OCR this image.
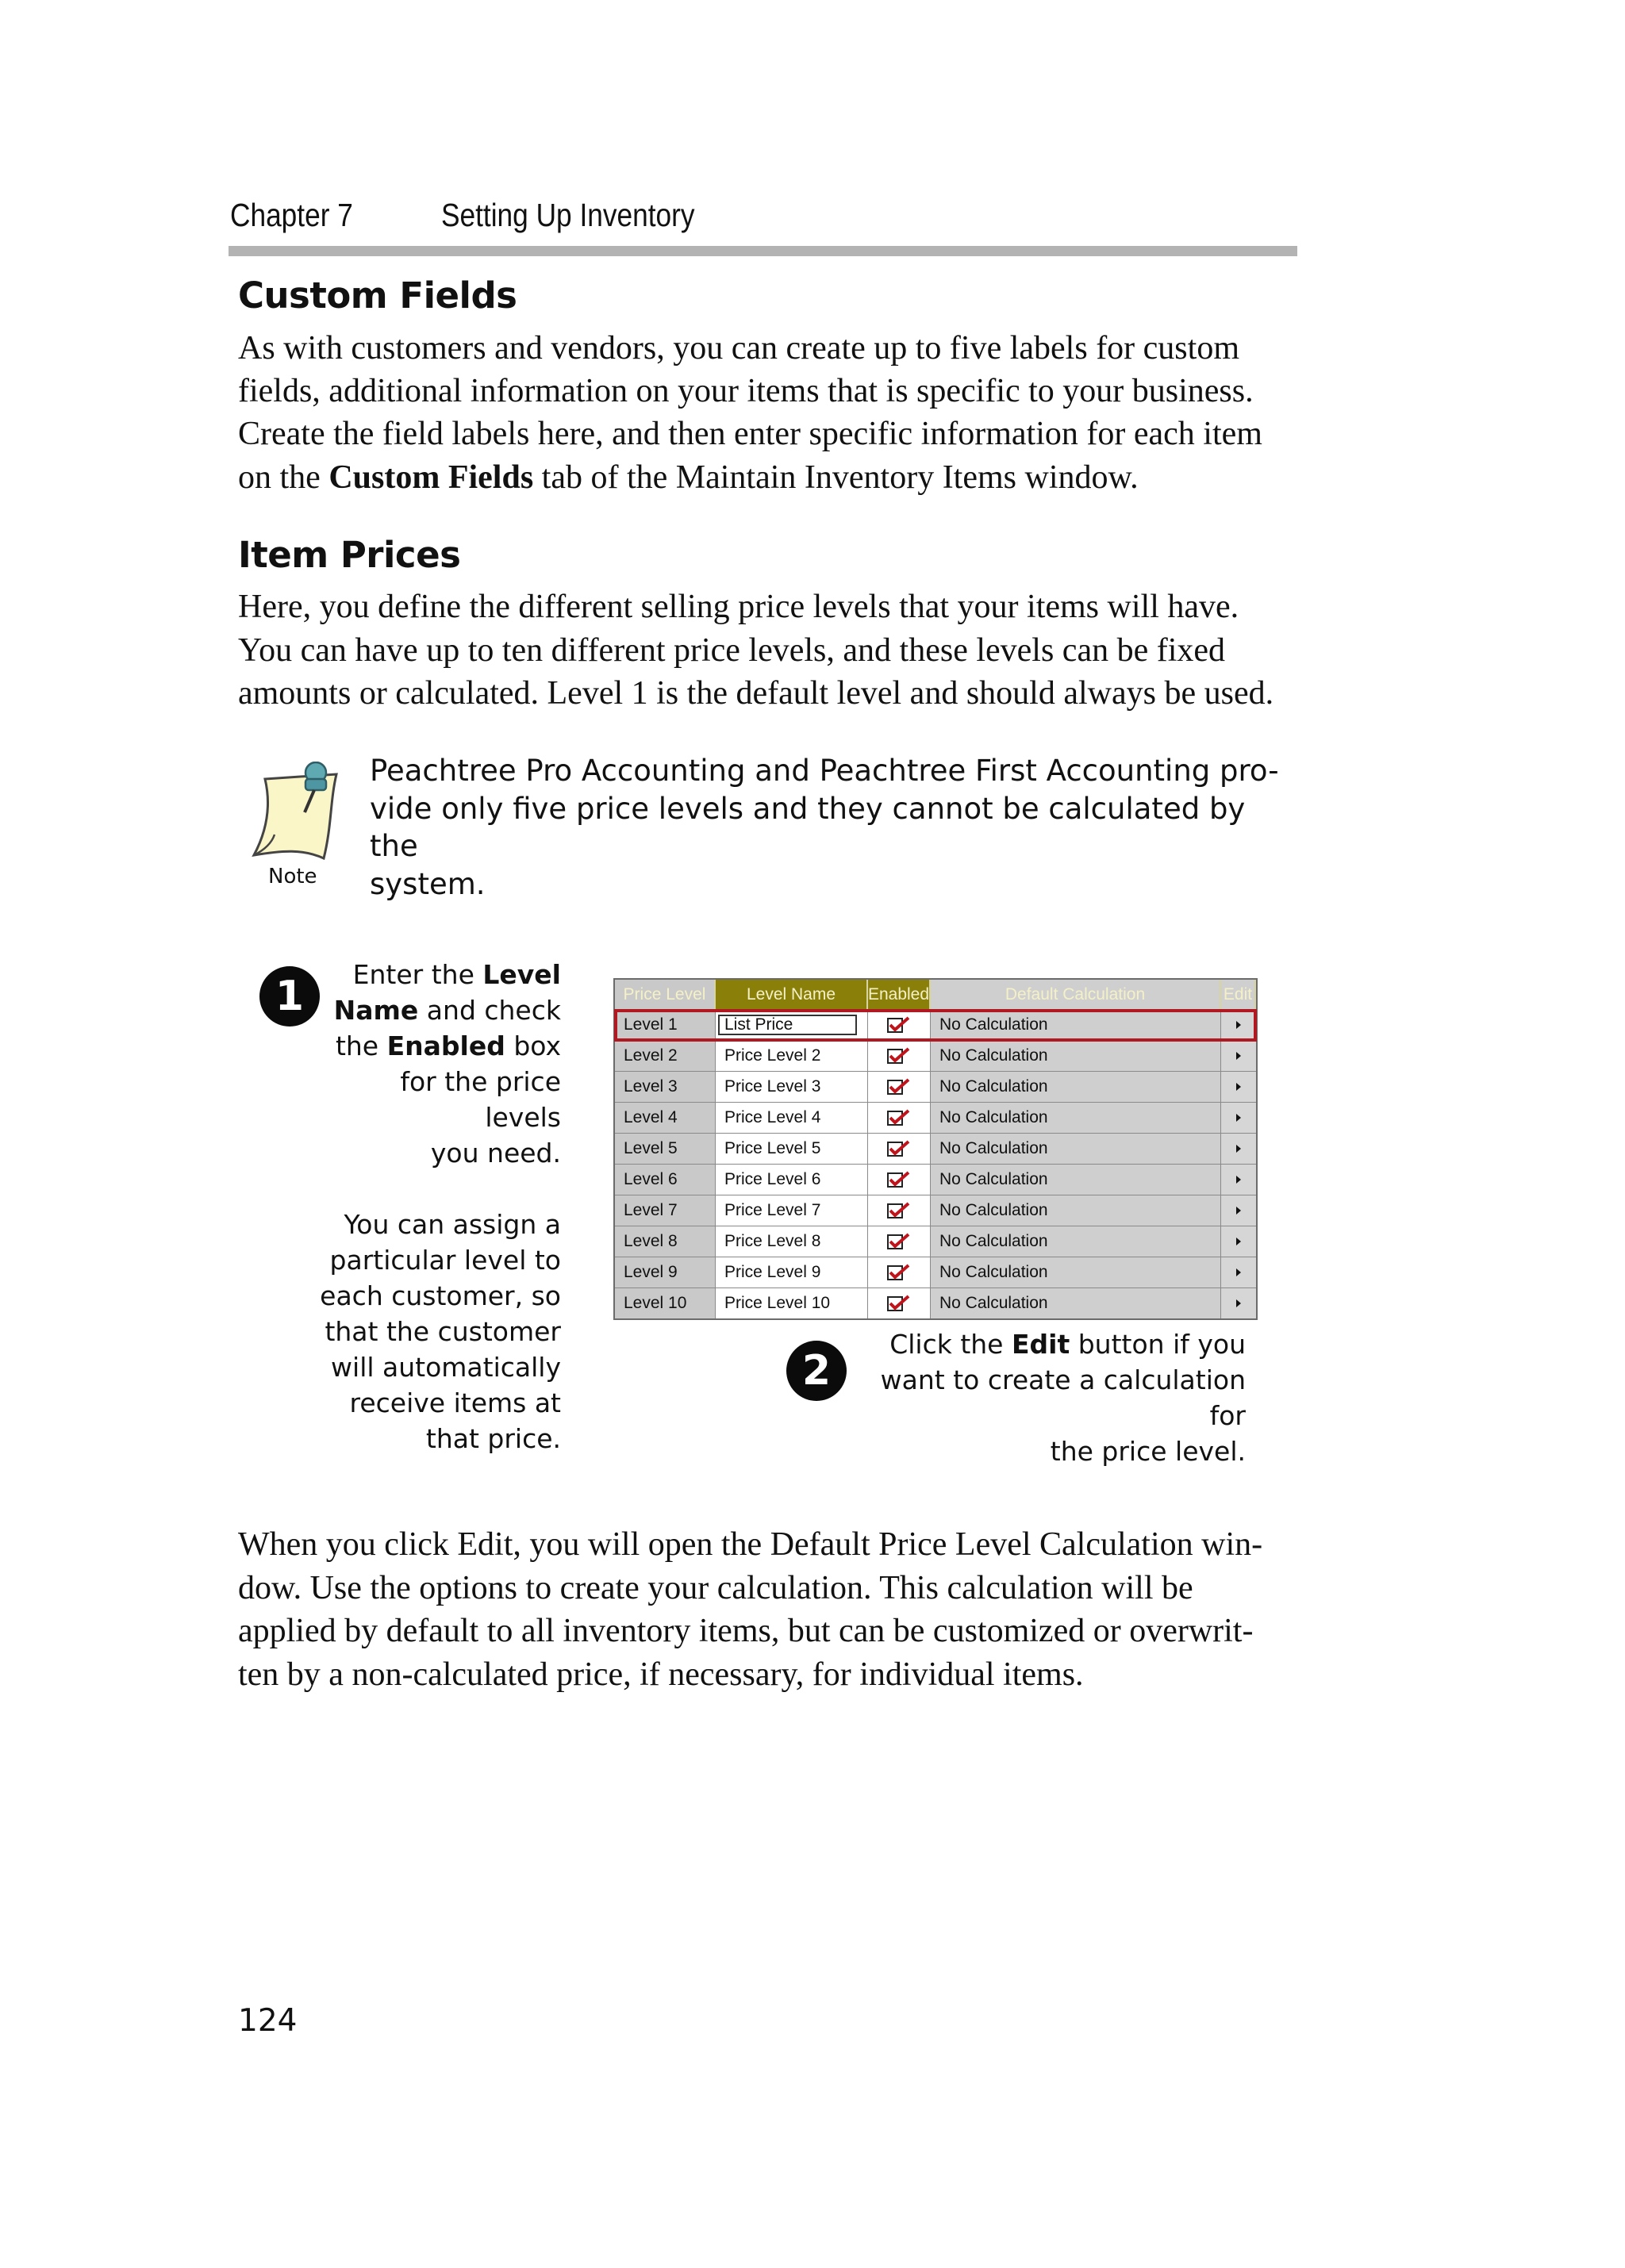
Chapter 7	Setting Up Inventory
Custom Fields
As with customers and vendors, you can create up to five labels for custom
fields, additional information on your items that is specific to your business.
Create the field labels here, and then enter specific information for each item
on the Custom Fields tab of the Maintain Inventory Items window.
Item Prices
Here, you define the different selling price levels that your items will have.
You can have up to ten different price levels, and these levels can be fixed
amounts or calculated. Level 1 is the default level and should always be used.
Note
Peachtree Pro Accounting and Peachtree First Accounting pro-
vide only five price levels and they cannot be calculated by the
system.
1	Enter the Level
Name and check
the Enabled box
for the price levels
you need.
You can assign a
particular level to
each customer, so
that the customer
will automatically
receive items at
that price.
Price Level	Level Name	Enabled	Default Calculation	Edit
Level 1	List Price	No Calculation
Level 2	Price Level 2	No Calculation
Level 3	Price Level 3	No Calculation
Level 4	Price Level 4	No Calculation
Level 5	Price Level 5	No Calculation
Level 6	Price Level 6	No Calculation
Level 7	Price Level 7	No Calculation
Level 8	Price Level 8	No Calculation
Level 9	Price Level 9	No Calculation
Level 10	Price Level 10	No Calculation
2
Click the Edit button if you
want to create a calculation for
the price level.
When you click Edit, you will open the Default Price Level Calculation win-
dow. Use the options to create your calculation. This calculation will be
applied by default to all inventory items, but can be customized or overwrit-
ten by a non-calculated price, if necessary, for individual items.
124
